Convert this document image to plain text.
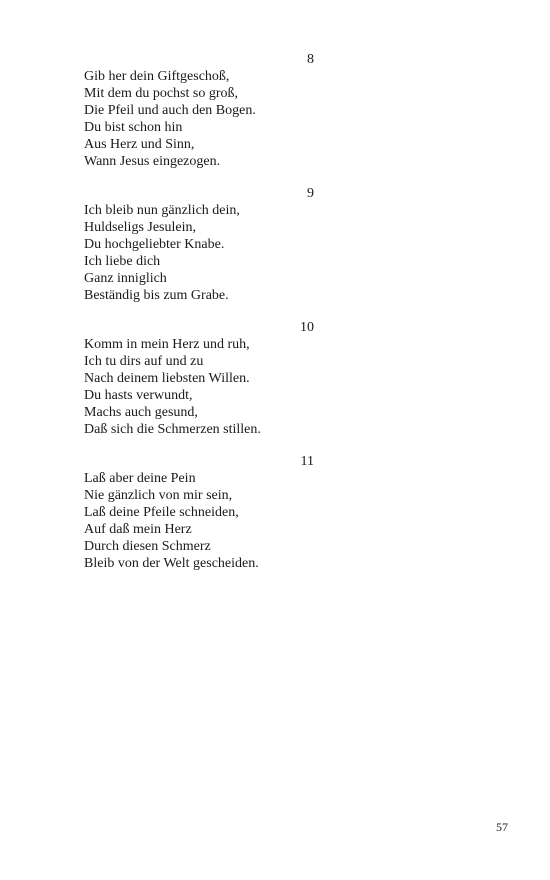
8
Gib her dein Giftgeschoß,
Mit dem du pochst so groß,
Die Pfeil und auch den Bogen.
Du bist schon hin
Aus Herz und Sinn,
Wann Jesus eingezogen.
9
Ich bleib nun gänzlich dein,
Huldseligs Jesulein,
Du hochgeliebter Knabe.
Ich liebe dich
Ganz inniglich
Beständig bis zum Grabe.
10
Komm in mein Herz und ruh,
Ich tu dirs auf und zu
Nach deinem liebsten Willen.
Du hasts verwundt,
Machs auch gesund,
Daß sich die Schmerzen stillen.
11
Laß aber deine Pein
Nie gänzlich von mir sein,
Laß deine Pfeile schneiden,
Auf daß mein Herz
Durch diesen Schmerz
Bleib von der Welt gescheiden.
57
